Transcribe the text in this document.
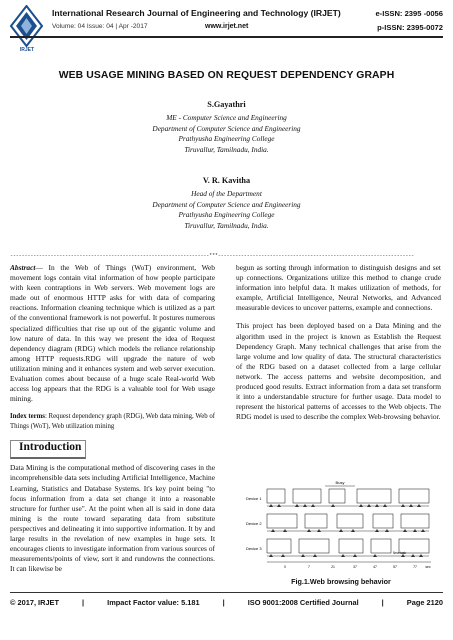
IRJET
International Research Journal of Engineering and Technology (IRJET)	e-ISSN: 2395 -0056
Volume: 04 Issue: 04 | Apr -2017	www.irjet.net	p-ISSN: 2395-0072
WEB USAGE MINING BASED ON REQUEST DEPENDENCY GRAPH
S.Gayathri
ME - Computer Science and Engineering
Department of Computer Science and Engineering
Prathyusha Engineering College
Tiruvallur, Tamilnadu, India.
V. R. Kavitha
Head of the Department
Department of Computer Science and Engineering
Prathyusha Engineering College
Tiruvallur, Tamilnadu, India.
---------------------------------------------------------------------***--------------------------------------------------------------------

Abstract— In the Web of Things (WoT) environment, Web movement logs contain vital information of how people participate with keen contraptions in Web servers. Web movement logs are made out of enormous HTTP asks for with data of comparing reactions. Information cleaning technique which is utilized as a part of the conventional framework is not powerful. It postures numerous specialized difficulties that rise up out of the gigantic volume and low nature of data. In this way we present the idea of Request dependency diagram (RDG) which models the reliance relationship among HTTP requests.RDG will upgrade the nature of web utilization mining and it enhances system and web server execution. Evaluation comes about because of a huge scale Real-world Web access log appears that the RDG is a valuable tool for Web usage mining.

Index terms: Request dependency graph (RDG), Web data mining, Web of Things (WoT), Web utilization mining

Introduction

Data Mining is the computational method of discovering cases in the incomprehensible data sets including Artificial Intelligence, Machine Learning, Statistics and Database Systems. It's key point being "to focus information from a data set change it into a reasonable structure for further use". At the point when all is said in done data mining is the route toward separating data from substitute perspectives and delineating it into supportive information. It by and large results in the revelation of new examples in huge sets. It encourages clients to investigate information from various sources of measurements/points of view, sort it and rundowns the connections. It can likewise be

begun as sorting through information to distinguish designs and set up connections. Organizations utilize this method to change crude information into helpful data. It makes utilization of methods, for example, Artificial Intelligence, Neural Networks, and Advanced measurable devices to uncover patterns, example and connections.

This project has been deployed based on a Data Mining and the algorithm used in the project is known as Establish the Request Dependency Graph. Many technical challenges that arise from the large volume and low quality of data. The structural characteristics of the RDG based on a dataset collected from a large cellular network. The access patterns and website decomposition, and produced good results. Extract information from a data set transform it into a understandable structure for further usage. Data model to represent the historical patterns of accesses to the Web objects. The RDG model is used to describe the complex Web-browsing behavior.

Busy
Device 1
Device 2
Device 3
New task
0	7	21	37	47	57	77 sec
Fig.1.Web browsing behavior
© 2017, IRJET	|	Impact Factor value: 5.181	|	ISO 9001:2008 Certified Journal	|	Page 2120
